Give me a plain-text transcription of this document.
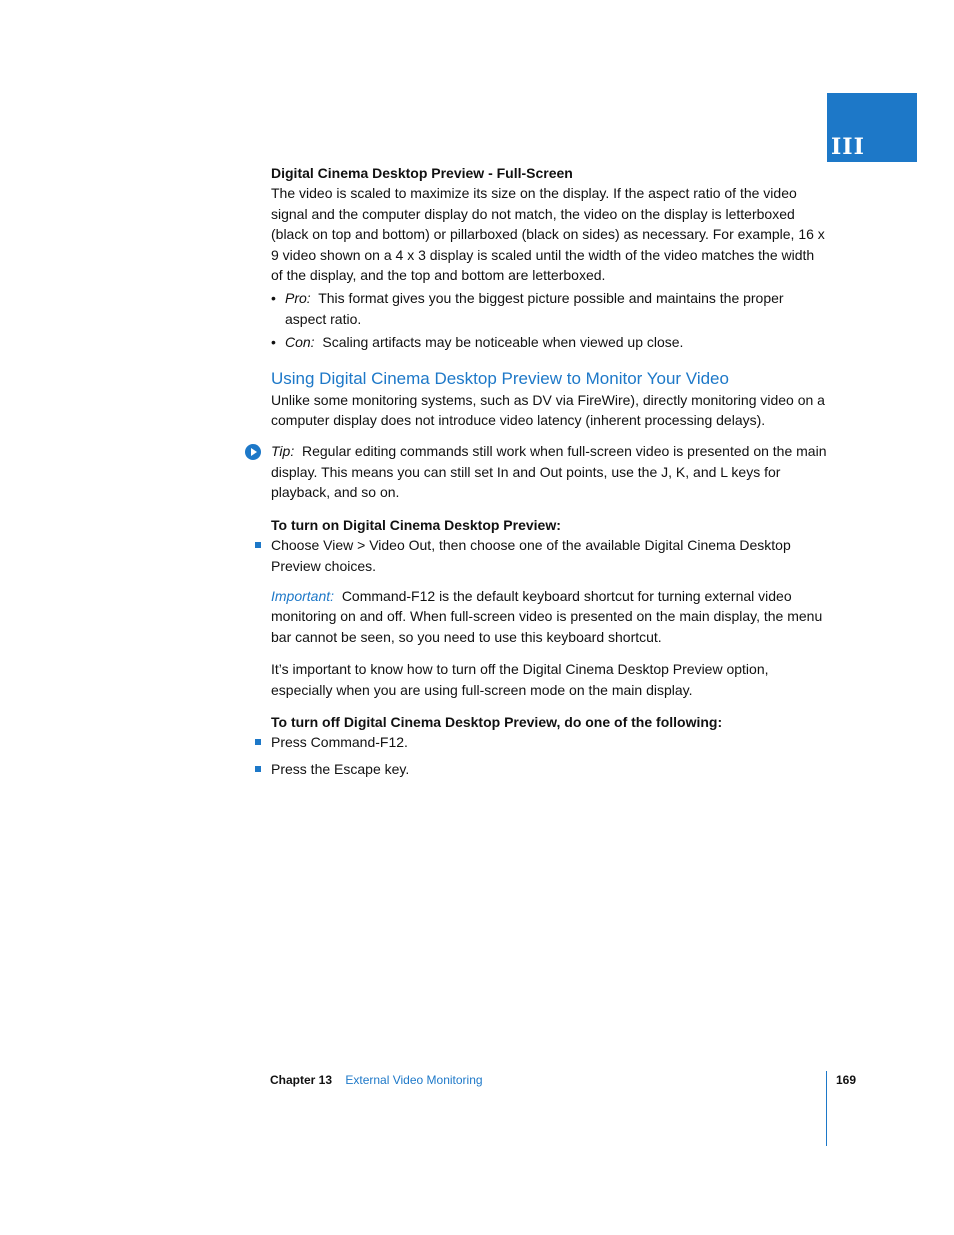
III
Digital Cinema Desktop Preview - Full-Screen

The video is scaled to maximize its size on the display. If the aspect ratio of the video signal and the computer display do not match, the video on the display is letterboxed (black on top and bottom) or pillarboxed (black on sides) as necessary. For example, 16 x 9 video shown on a 4 x 3 display is scaled until the width of the video matches the width of the display, and the top and bottom are letterboxed.

• Pro: This format gives you the biggest picture possible and maintains the proper aspect ratio.
• Con: Scaling artifacts may be noticeable when viewed up close.
Using Digital Cinema Desktop Preview to Monitor Your Video

Unlike some monitoring systems, such as DV via FireWire), directly monitoring video on a computer display does not introduce video latency (inherent processing delays).

Tip: Regular editing commands still work when full-screen video is presented on the main display. This means you can still set In and Out points, use the J, K, and L keys for playback, and so on.
To turn on Digital Cinema Desktop Preview:
Choose View > Video Out, then choose one of the available Digital Cinema Desktop Preview choices.

Important: Command-F12 is the default keyboard shortcut for turning external video monitoring on and off. When full-screen video is presented on the main display, the menu bar cannot be seen, so you need to use this keyboard shortcut.

It’s important to know how to turn off the Digital Cinema Desktop Preview option, especially when you are using full-screen mode on the main display.

To turn off Digital Cinema Desktop Preview, do one of the following:
Press Command-F12.
Press the Escape key.
Chapter 13 External Video Monitoring	169
